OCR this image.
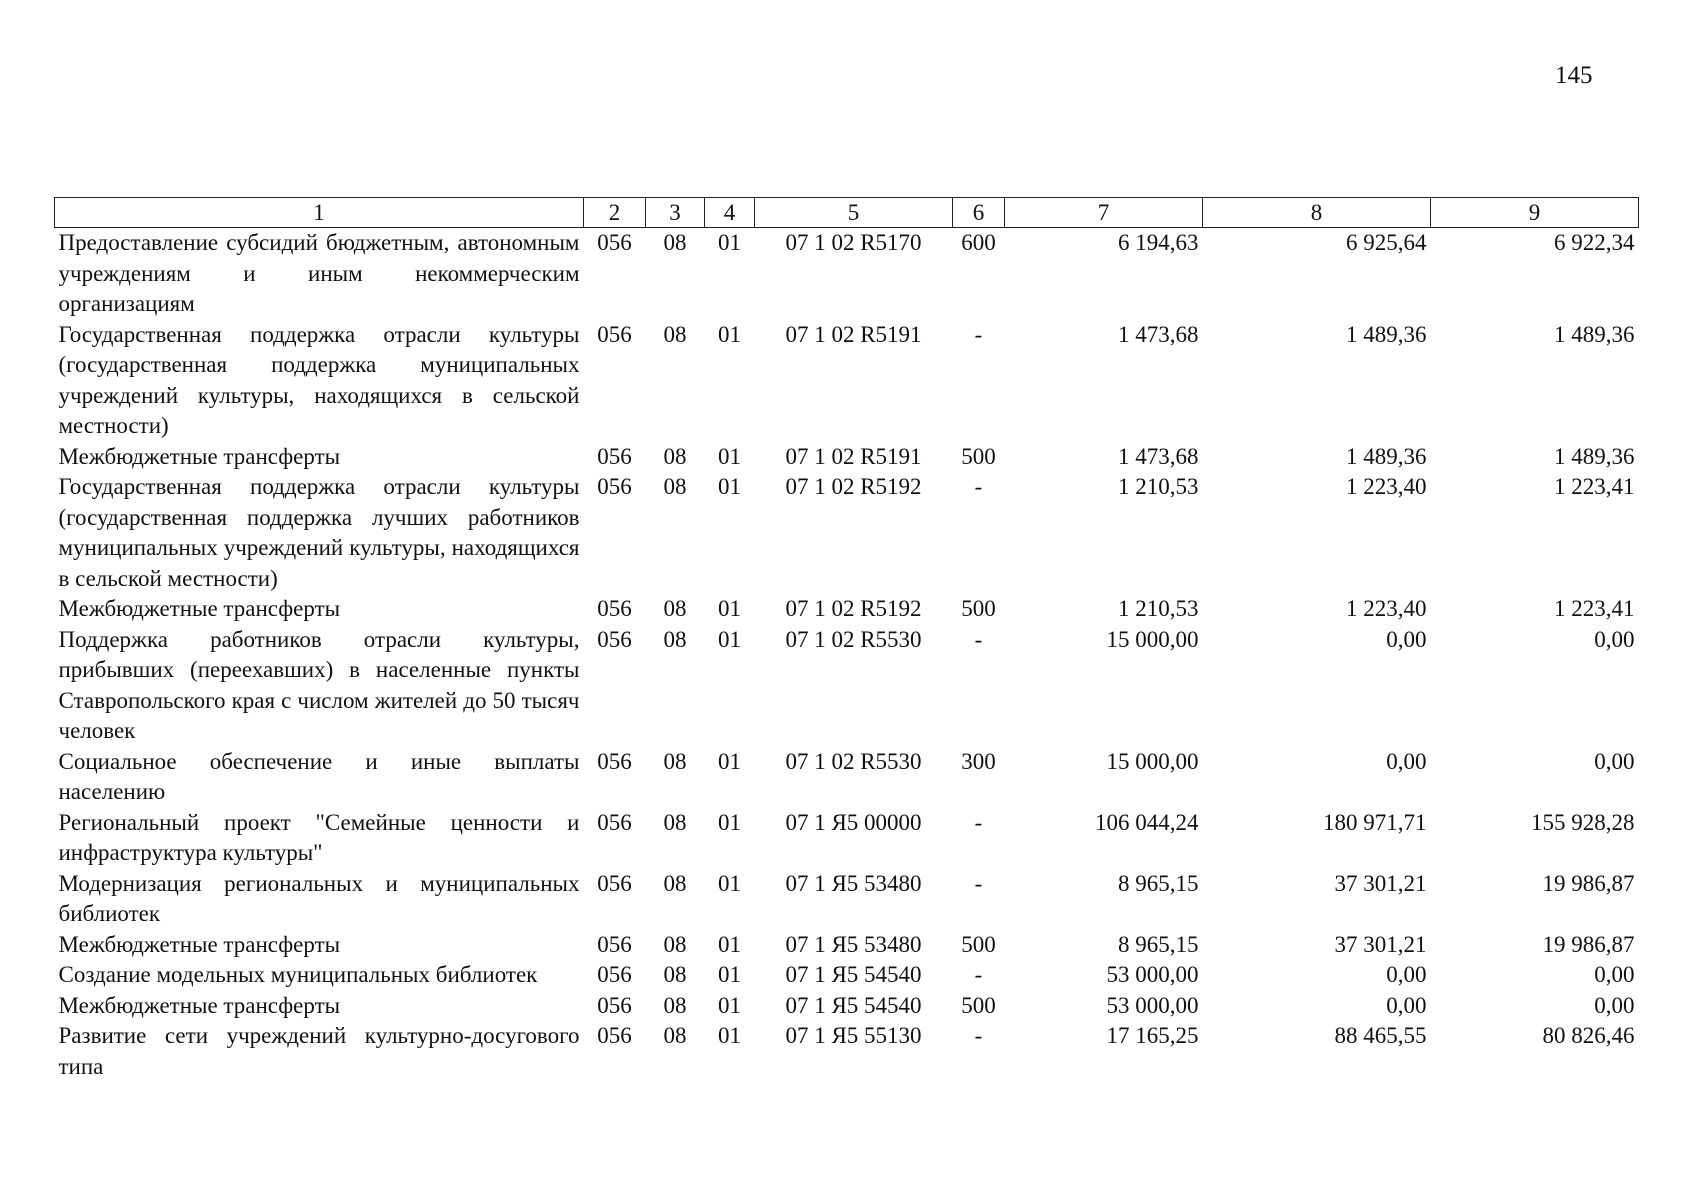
145
1	2	3	4	5	6	7	8	9
Предоставление субсидий бюджетным, автономным учреждениям и иным некоммерческим организациям	056	08	01	07 1 02 R5170	600	6 194,63	6 925,64	6 922,34
Государственная поддержка отрасли культуры (государственная поддержка муниципальных учреждений культуры, находящихся в сельской местности)	056	08	01	07 1 02 R5191	-	1 473,68	1 489,36	1 489,36
Межбюджетные трансферты	056	08	01	07 1 02 R5191	500	1 473,68	1 489,36	1 489,36
Государственная поддержка отрасли культуры (государственная поддержка лучших работников муниципальных учреждений культуры, находящихся в сельской местности)	056	08	01	07 1 02 R5192	-	1 210,53	1 223,40	1 223,41
Межбюджетные трансферты	056	08	01	07 1 02 R5192	500	1 210,53	1 223,40	1 223,41
Поддержка работников отрасли культуры, прибывших (переехавших) в населенные пункты Ставропольского края с числом жителей до 50 тысяч человек	056	08	01	07 1 02 R5530	-	15 000,00	0,00	0,00
Социальное обеспечение и иные выплаты населению	056	08	01	07 1 02 R5530	300	15 000,00	0,00	0,00
Региональный проект "Семейные ценности и инфраструктура культуры"	056	08	01	07 1 Я5 00000	-	106 044,24	180 971,71	155 928,28
Модернизация региональных и муниципальных библиотек	056	08	01	07 1 Я5 53480	-	8 965,15	37 301,21	19 986,87
Межбюджетные трансферты	056	08	01	07 1 Я5 53480	500	8 965,15	37 301,21	19 986,87
Создание модельных муниципальных библиотек	056	08	01	07 1 Я5 54540	-	53 000,00	0,00	0,00
Межбюджетные трансферты	056	08	01	07 1 Я5 54540	500	53 000,00	0,00	0,00
Развитие сети учреждений культурно-досугового типа	056	08	01	07 1 Я5 55130	-	17 165,25	88 465,55	80 826,46
